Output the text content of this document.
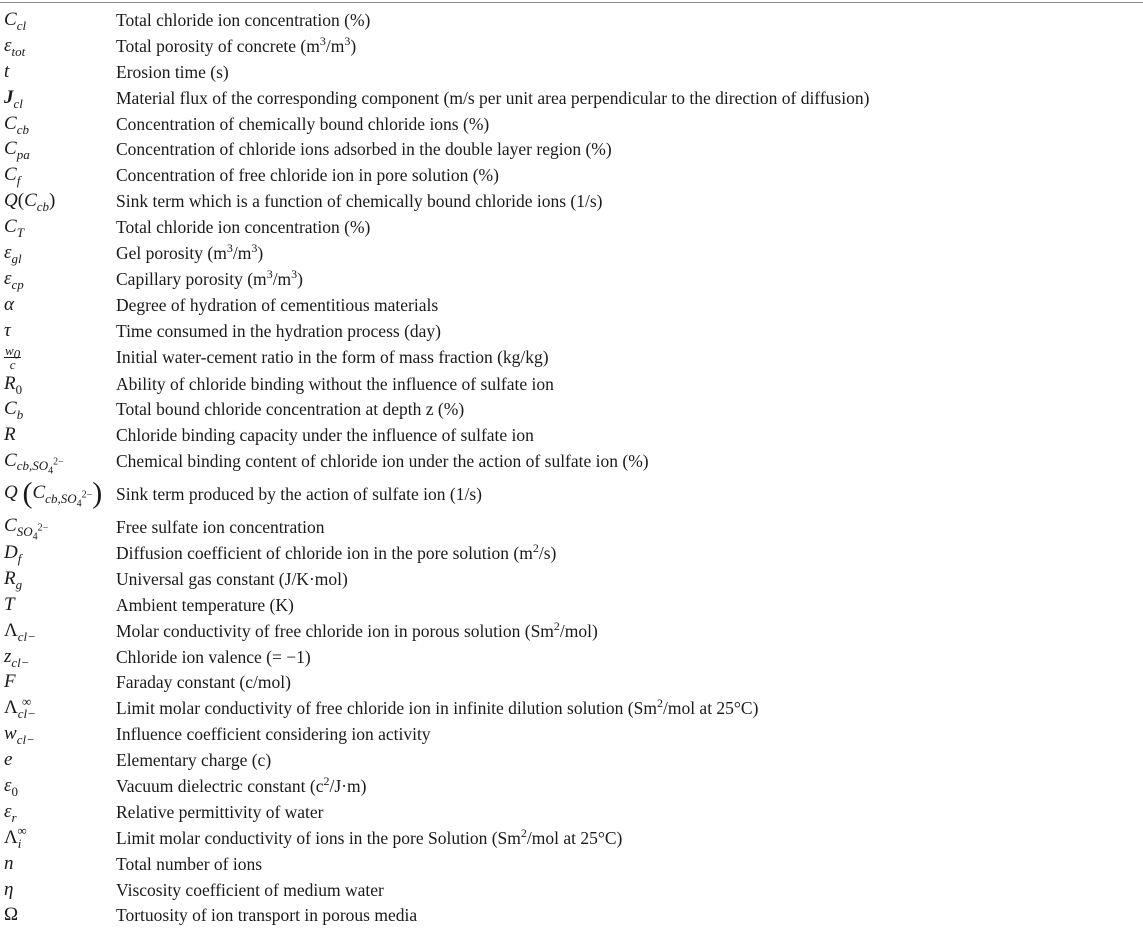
$C_{cl}$	Total chloride ion concentration (%)
$\varepsilon_{tot}$	Total porosity of concrete $(m^3/m^3)$
t	Erosion time (s)
$J_{cl}$	Material flux of the corresponding component (m/s per unit area perpendicular to the direction of diffusion)
$C_{cb}$	Concentration of chemically bound chloride ions (%)
$C_{pa}$	Concentration of chloride ions adsorbed in the double layer region (%)
$C_f$	Concentration of free chloride ion in pore solution (%)
$Q(C_{cb})$	Sink term which is a function of chemically bound chloride ions (1/s)
$C_T$	Total chloride ion concentration (%)
$\varepsilon_{gl}$	Gel porosity $(m^3/m^3)$
$\varepsilon_{cp}$	Capillary porosity $(m^3/m^3)$
α	Degree of hydration of cementitious materials
τ	Time consumed in the hydration process (day)

$\frac{w_0}{c}$	Initial water-cement ratio in the form of mass fraction (kg/kg)
$R_0$	Ability of chloride binding without the influence of sulfate ion
$C_b$	Total bound chloride concentration at depth z (%)
R	Chloride binding capacity under the influence of sulfate ion
$C_{cb,SO_4^{2-}}$	Chemical binding content of chloride ion under the action of sulfate ion (%)
Q $(C_{cb,SO_4^{2-}})$	Sink term produced by the action of sulfate ion (1/s)
$C_{SO_4^{2-}}$	Free sulfate ion concentration
$D_f$	Diffusion coefficient of chloride ion in the pore solution $(m^2/s)$
$R_g$	Universal gas constant (J/K·mol)
T	Ambient temperature (K)
$\Lambda_{cl-}$	Molar conductivity of free chloride ion in porous solution (Sm$^2$/mol)
$z_{cl-}$	Chloride ion valence (= −1)
F	Faraday constant (c/mol)
$\Lambda_{cl-}^\infty$	Limit molar conductivity of free chloride ion in infinite dilution solution (Sm$^2$/mol at 25°C)
$w_{cl-}$	Influence coefficient considering ion activity
e	Elementary charge (c)
$\varepsilon_0$	Vacuum dielectric constant $(c^2/J\cdot m)$
$\varepsilon_r$	Relative permittivity of water
$\Lambda_i^\infty$	Limit molar conductivity of ions in the pore Solution (Sm$^2$/mol at 25°C)
n	Total number of ions
η	Viscosity coefficient of medium water
Ω	Tortuosity of ion transport in porous media
